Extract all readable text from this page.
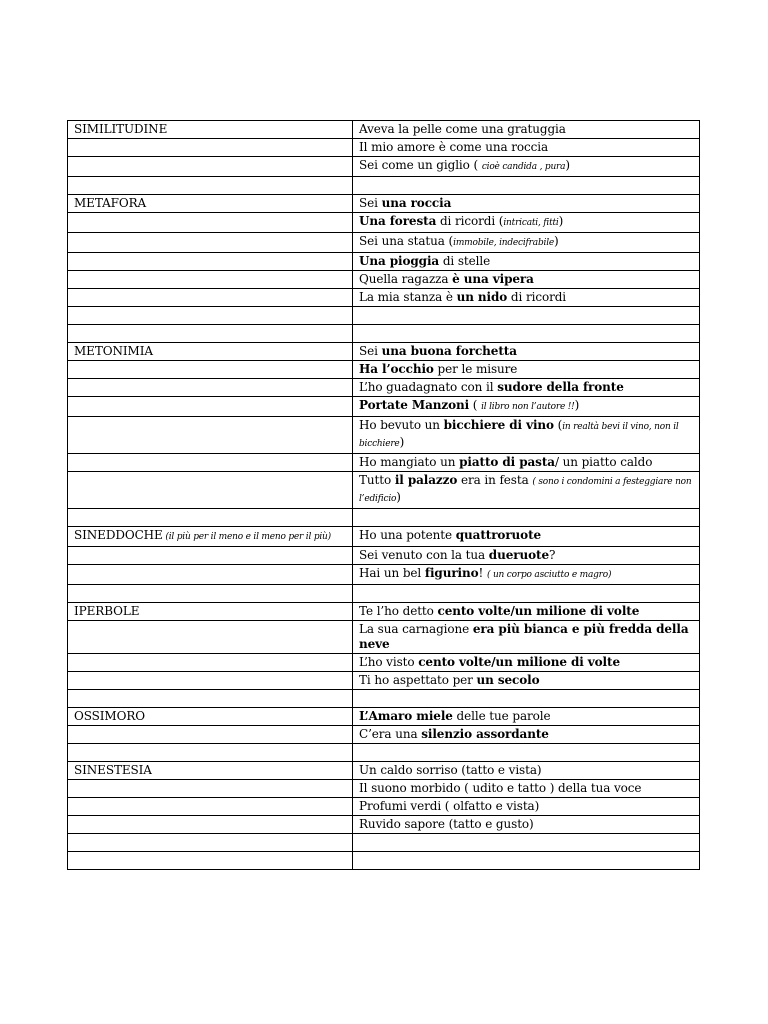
SIMILITUDINE	Aveva la pelle come una gratuggia
	Il mio amore è come una roccia
	Sei come un giglio ( cioè candida , pura)

METAFORA	Sei una roccia
	Una foresta di ricordi (intricati, fitti)
	Sei una statua (immobile, indecifrabile)
	Una pioggia di stelle
	Quella ragazza è una vipera
	La mia stanza è un nido di ricordi

METONIMIA	Sei una buona forchetta
	Ha l’occhio per le misure
	L’ho guadagnato con il sudore della fronte
	Portate Manzoni ( il libro non l’autore !!)
	Ho bevuto un bicchiere di vino (in realtà bevi il vino, non il bicchiere)
	Ho mangiato un piatto di pasta/ un piatto caldo
	Tutto il palazzo era in festa ( sono i condomini a festeggiare non l’edificio)

SINEDDOCHE (il più per il meno e il meno per il più)	Ho una potente quattroruote
	Sei venuto con la tua dueruote?
	Hai un bel figurino! ( un corpo asciutto e magro)

IPERBOLE	Te l’ho detto cento volte/un milione di volte
	La sua carnagione era più bianca e più fredda della neve
	L’ho visto cento volte/un milione di volte
	Ti ho aspettato per un secolo

OSSIMORO	L’Amaro miele delle tue parole
	C’era una silenzio assordante

SINESTESIA	Un caldo sorriso (tatto e vista)
	Il suono morbido ( udito e tatto ) della tua voce
	Profumi verdi ( olfatto e vista)
	Ruvido sapore (tatto e gusto)
